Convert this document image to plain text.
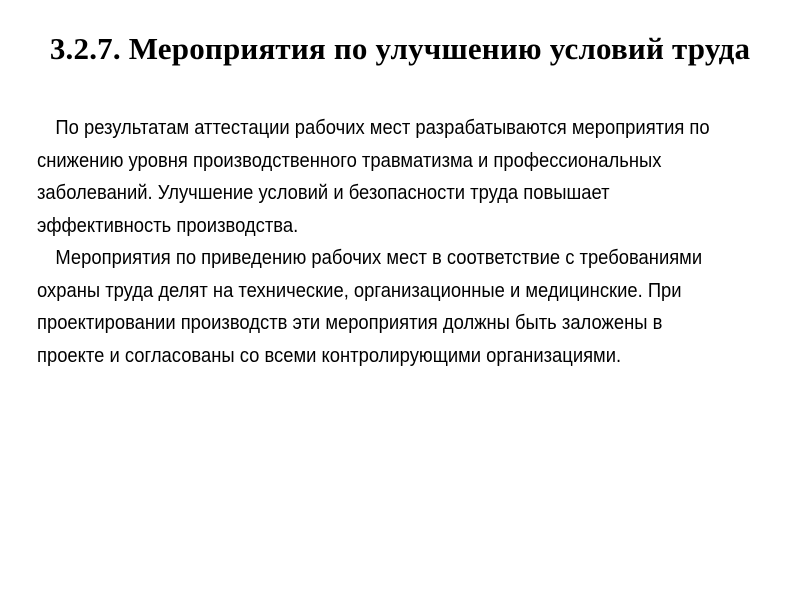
3.2.7. Мероприятия по улучшению условий труда

По результатам аттестации рабочих мест разрабатываются мероприятия по снижению уровня производственного травматизма и профессиональных заболеваний. Улучшение условий и безопасности труда повышает эффективность производства.

Мероприятия по приведению рабочих мест в соответствие с требованиями охраны труда делят на технические, организационные и медицинские. При проектировании производств эти мероприятия должны быть заложены в проекте и согласованы со всеми контролирующими организациями.
